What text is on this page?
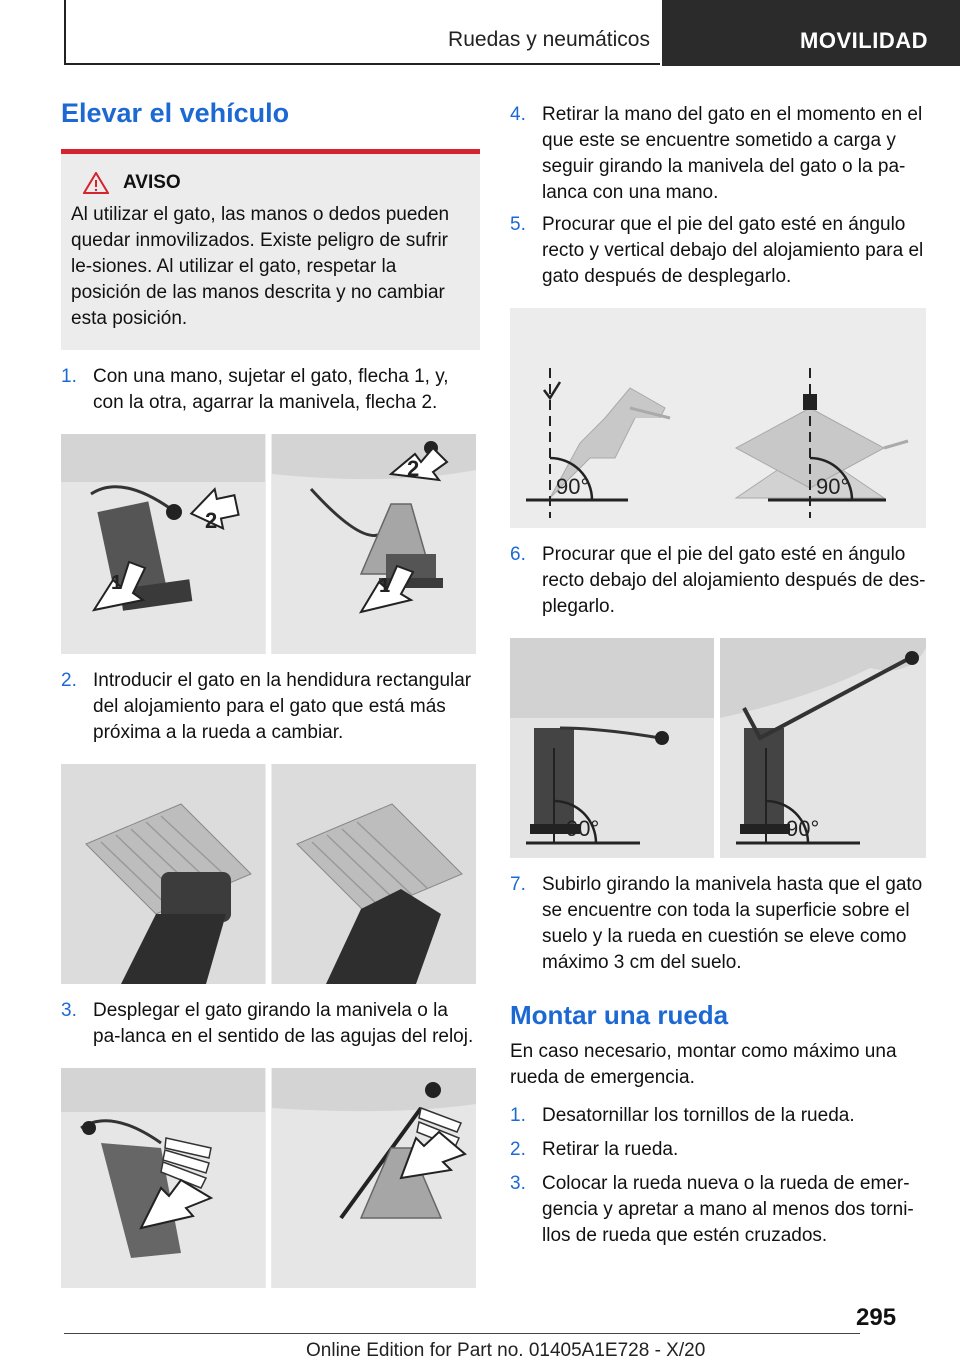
Ruedas y neumáticos	MOVILIDAD
Elevar el vehículo
AVISO
Al utilizar el gato, las manos o dedos pueden quedar inmovilizados. Existe peligro de sufrir le-siones. Al utilizar el gato, respetar la posición de las manos descrita y no cambiar esta posición.
1. Con una mano, sujetar el gato, flecha 1, y, con la otra, agarrar la manivela, flecha 2.
2
1
2
1
2. Introducir el gato en la hendidura rectangular del alojamiento para el gato que está más próxima a la rueda a cambiar.
3. Desplegar el gato girando la manivela o la pa-lanca en el sentido de las agujas del reloj.
4. Retirar la mano del gato en el momento en el que este se encuentre sometido a carga y seguir girando la manivela del gato o la pa-lanca con una mano.
5. Procurar que el pie del gato esté en ángulo recto y vertical debajo del alojamiento para el gato después de desplegarlo.
90°	90°
6. Procurar que el pie del gato esté en ángulo recto debajo del alojamiento después de des-plegarlo.
90°	90°
7. Subirlo girando la manivela hasta que el gato se encuentre con toda la superficie sobre el suelo y la rueda en cuestión se eleve como máximo 3 cm del suelo.
Montar una rueda

En caso necesario, montar como máximo una rueda de emergencia.

1. Desatornillar los tornillos de la rueda.
2. Retirar la rueda.
3. Colocar la rueda nueva o la rueda de emer-gencia y apretar a mano al menos dos torni-llos de rueda que estén cruzados.
295
Online Edition for Part no. 01405A1E728 - X/20
